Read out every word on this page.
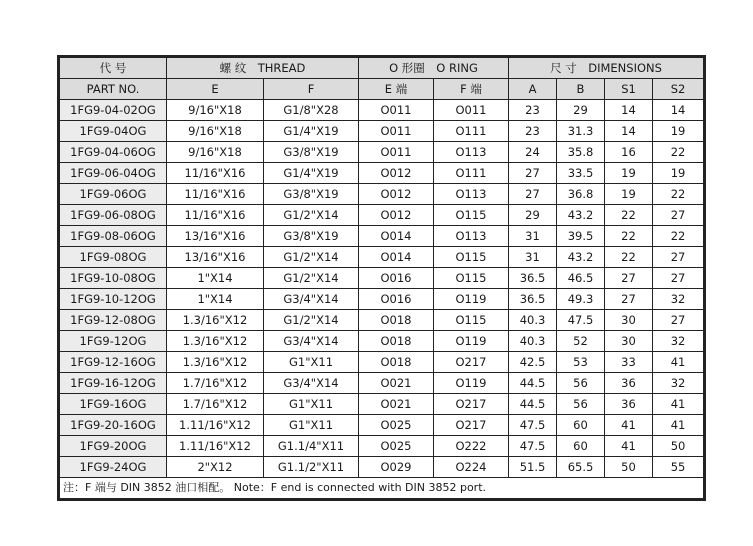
代 号	螺 纹　THREAD		O 形圈　O RING		尺 寸　DIMENSIONS			
PART NO.	E	F	E 端	F 端	A	B	S1	S2
1FG9-04-02OG	9/16"X18	G1/8"X28	O011	O011	23	29	14	14
1FG9-04OG	9/16"X18	G1/4"X19	O011	O111	23	31.3	14	19
1FG9-04-06OG	9/16"X18	G3/8"X19	O011	O113	24	35.8	16	22
1FG9-06-04OG	11/16"X16	G1/4"X19	O012	O111	27	33.5	19	19
1FG9-06OG	11/16"X16	G3/8"X19	O012	O113	27	36.8	19	22
1FG9-06-08OG	11/16"X16	G1/2"X14	O012	O115	29	43.2	22	27
1FG9-08-06OG	13/16"X16	G3/8"X19	O014	O113	31	39.5	22	22
1FG9-08OG	13/16"X16	G1/2"X14	O014	O115	31	43.2	22	27
1FG9-10-08OG	1"X14	G1/2"X14	O016	O115	36.5	46.5	27	27
1FG9-10-12OG	1"X14	G3/4"X14	O016	O119	36.5	49.3	27	32
1FG9-12-08OG	1.3/16"X12	G1/2"X14	O018	O115	40.3	47.5	30	27
1FG9-12OG	1.3/16"X12	G3/4"X14	O018	O119	40.3	52	30	32
1FG9-12-16OG	1.3/16"X12	G1"X11	O018	O217	42.5	53	33	41
1FG9-16-12OG	1.7/16"X12	G3/4"X14	O021	O119	44.5	56	36	32
1FG9-16OG	1.7/16"X12	G1"X11	O021	O217	44.5	56	36	41
1FG9-20-16OG	1.11/16"X12	G1"X11	O025	O217	47.5	60	41	41
1FG9-20OG	1.11/16"X12	G1.1/4"X11	O025	O222	47.5	60	41	50
1FG9-24OG	2"X12	G1.1/2"X11	O029	O224	51.5	65.5	50	55
注：F 端与 DIN 3852 油口相配。 Note：F end is connected with DIN 3852 port.								
